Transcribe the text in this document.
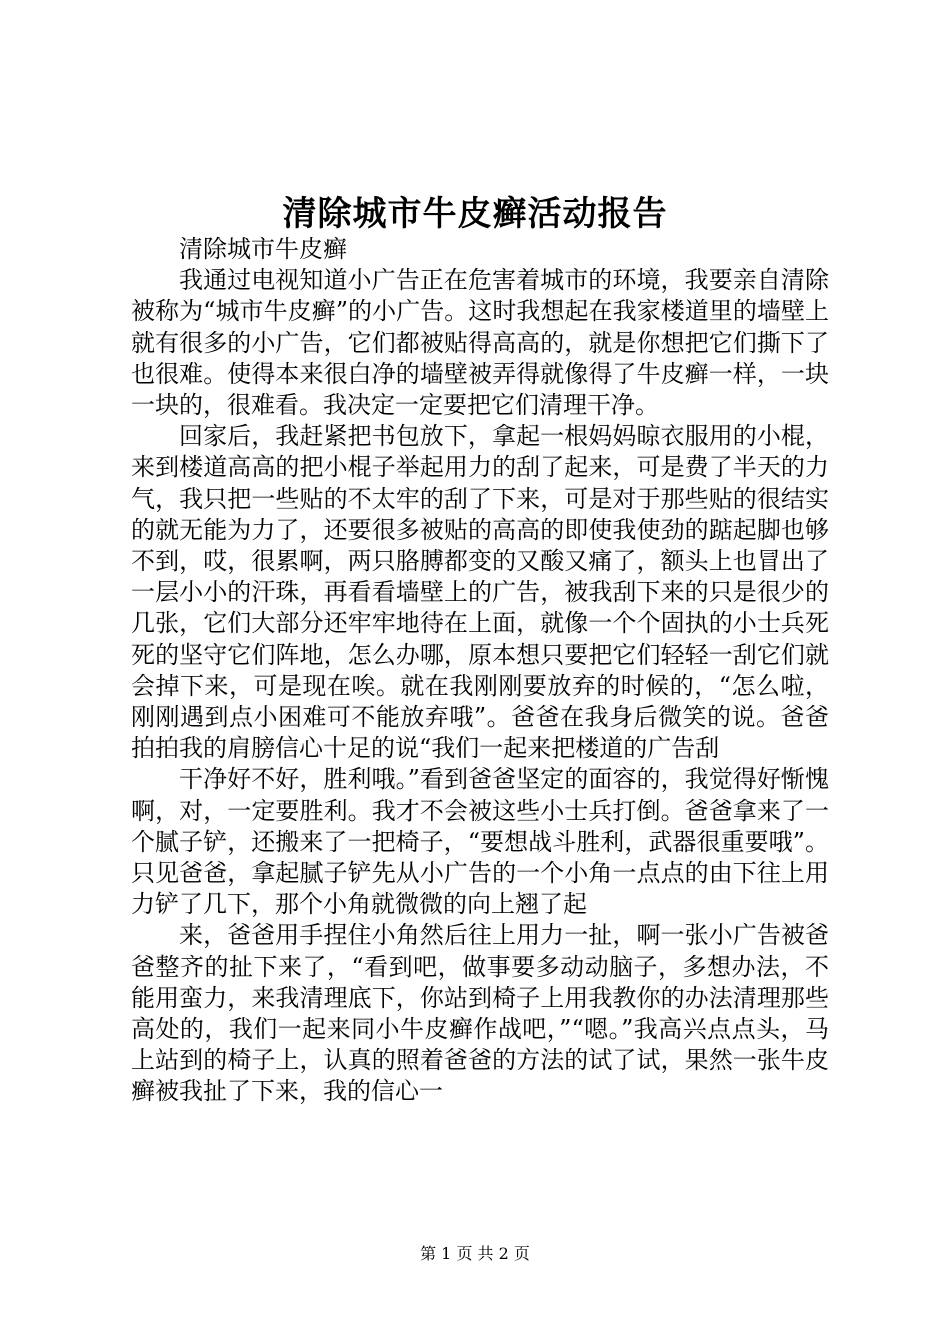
清除城市牛皮癣活动报告

清除城市牛皮癣

我通过电视知道小广告正在危害着城市的环境，我要亲自清除被称为“城市牛皮癣”的小广告。这时我想起在我家楼道里的墙壁上就有很多的小广告，它们都被贴得高高的，就是你想把它们撕下了也很难。使得本来很白净的墙壁被弄得就像得了牛皮癣一样，一块一块的，很难看。我决定一定要把它们清理干净。

回家后，我赶紧把书包放下，拿起一根妈妈晾衣服用的小棍，来到楼道高高的把小棍子举起用力的刮了起来，可是费了半天的力气，我只把一些贴的不太牢的刮了下来，可是对于那些贴的很结实的就无能为力了，还要很多被贴的高高的即使我使劲的踮起脚也够不到，哎，很累啊，两只胳膊都变的又酸又痛了，额头上也冒出了一层小小的汗珠，再看看墙壁上的广告，被我刮下来的只是很少的几张，它们大部分还牢牢地待在上面，就像一个个固执的小士兵死死的坚守它们阵地，怎么办哪，原本想只要把它们轻轻一刮它们就会掉下来，可是现在唉。就在我刚刚要放弃的时候的，“怎么啦，刚刚遇到点小困难可不能放弃哦”。爸爸在我身后微笑的说。爸爸拍拍我的肩膀信心十足的说“我们一起来把楼道的广告刮

干净好不好，胜利哦。”看到爸爸坚定的面容的，我觉得好惭愧啊，对，一定要胜利。我才不会被这些小士兵打倒。爸爸拿来了一个腻子铲，还搬来了一把椅子，“要想战斗胜利，武器很重要哦”。只见爸爸，拿起腻子铲先从小广告的一个小角一点点的由下往上用力铲了几下，那个小角就微微的向上翘了起

来，爸爸用手捏住小角然后往上用力一扯，啊一张小广告被爸爸整齐的扯下来了，“看到吧，做事要多动动脑子，多想办法，不能用蛮力，来我清理底下，你站到椅子上用我教你的办法清理那些高处的，我们一起来同小牛皮癣作战吧，”“嗯。”我高兴点点头，马上站到的椅子上，认真的照着爸爸的方法的试了试，果然一张牛皮癣被我扯了下来，我的信心一

第 1 页 共 2 页
